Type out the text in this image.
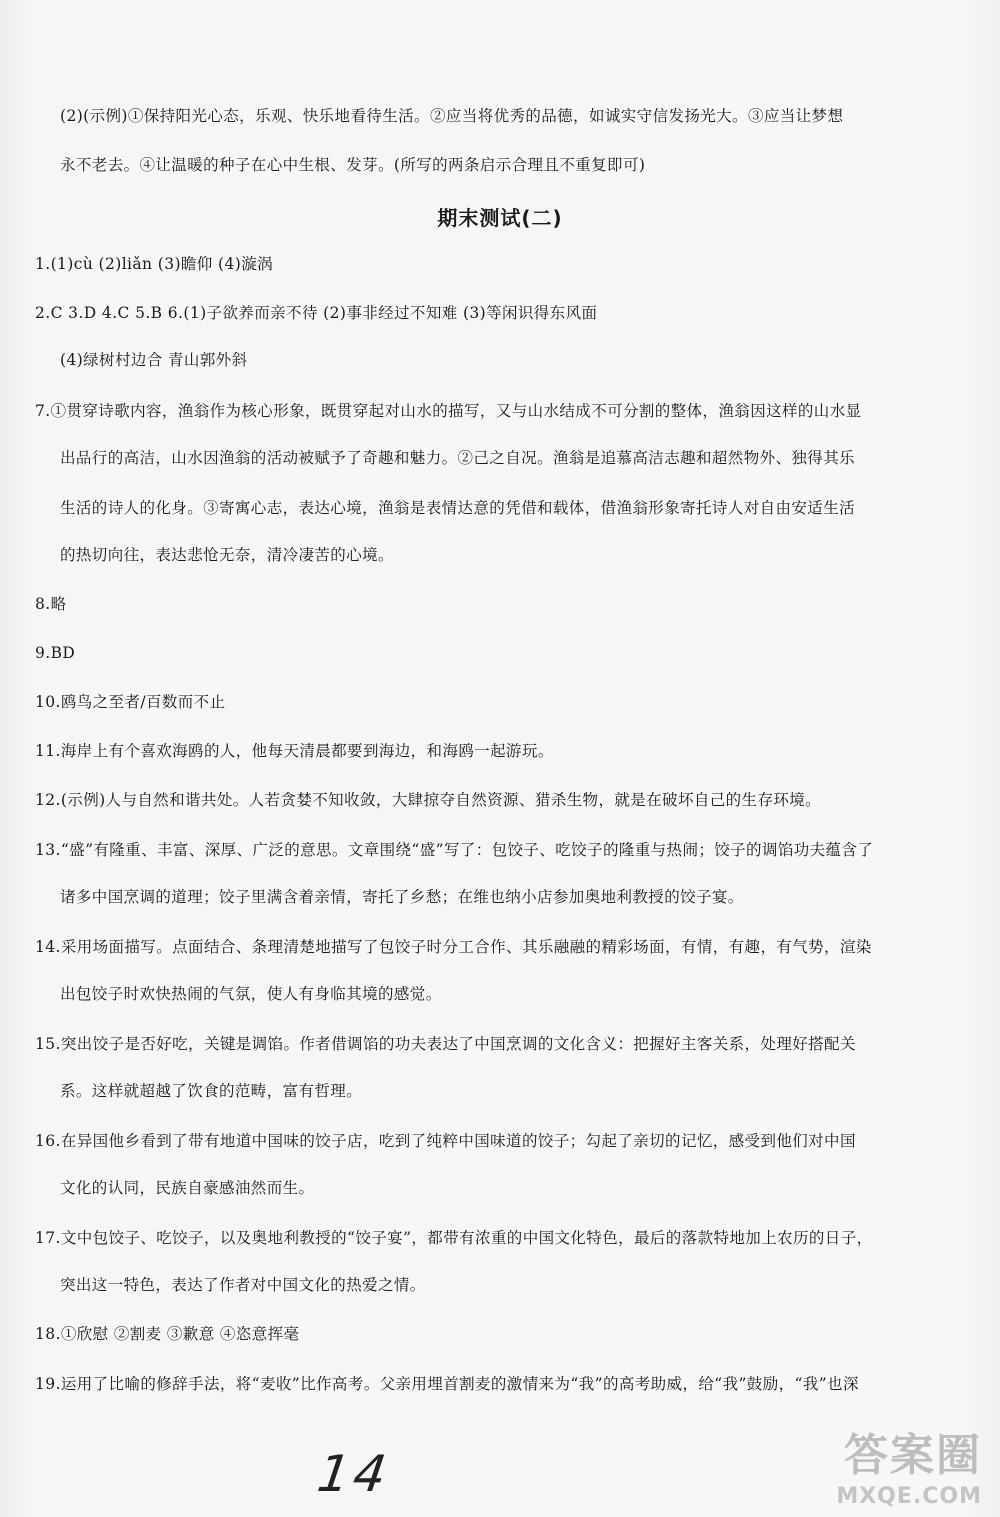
(2)(示例)①保持阳光心态，乐观、快乐地看待生活。②应当将优秀的品德，如诚实守信发扬光大。③应当让梦想
永不老去。④让温暖的种子在心中生根、发芽。(所写的两条启示合理且不重复即可)
期末测试(二)
1.(1)cù (2)liǎn (3)瞻仰 (4)漩涡
2.C 3.D 4.C 5.B 6.(1)子欲养而亲不待 (2)事非经过不知难 (3)等闲识得东风面
(4)绿树村边合 青山郭外斜
7.①贯穿诗歌内容，渔翁作为核心形象，既贯穿起对山水的描写，又与山水结成不可分割的整体，渔翁因这样的山水显
出品行的高洁，山水因渔翁的活动被赋予了奇趣和魅力。②己之自况。渔翁是追慕高洁志趣和超然物外、独得其乐
生活的诗人的化身。③寄寓心志，表达心境，渔翁是表情达意的凭借和载体，借渔翁形象寄托诗人对自由安适生活
的热切向往，表达悲怆无奈，清冷凄苦的心境。
8.略
9.BD
10.鸥鸟之至者/百数而不止
11.海岸上有个喜欢海鸥的人，他每天清晨都要到海边，和海鸥一起游玩。
12.(示例)人与自然和谐共处。人若贪婪不知收敛，大肆掠夺自然资源、猎杀生物，就是在破坏自己的生存环境。
13.“盛”有隆重、丰富、深厚、广泛的意思。文章围绕“盛”写了：包饺子、吃饺子的隆重与热闹；饺子的调馅功夫蕴含了
诸多中国烹调的道理；饺子里满含着亲情，寄托了乡愁；在维也纳小店参加奥地利教授的饺子宴。
14.采用场面描写。点面结合、条理清楚地描写了包饺子时分工合作、其乐融融的精彩场面，有情，有趣，有气势，渲染
出包饺子时欢快热闹的气氛，使人有身临其境的感觉。
15.突出饺子是否好吃，关键是调馅。作者借调馅的功夫表达了中国烹调的文化含义：把握好主客关系，处理好搭配关
系。这样就超越了饮食的范畴，富有哲理。
16.在异国他乡看到了带有地道中国味的饺子店，吃到了纯粹中国味道的饺子；勾起了亲切的记忆，感受到他们对中国
文化的认同，民族自豪感油然而生。
17.文中包饺子、吃饺子，以及奥地利教授的“饺子宴”，都带有浓重的中国文化特色，最后的落款特地加上农历的日子，
突出这一特色，表达了作者对中国文化的热爱之情。
18.①欣慰 ②割麦 ③歉意 ④恣意挥毫
19.运用了比喻的修辞手法，将“麦收”比作高考。父亲用埋首割麦的激情来为“我”的高考助威，给“我”鼓励，“我”也深
14	答案圈
MXQE.COM
